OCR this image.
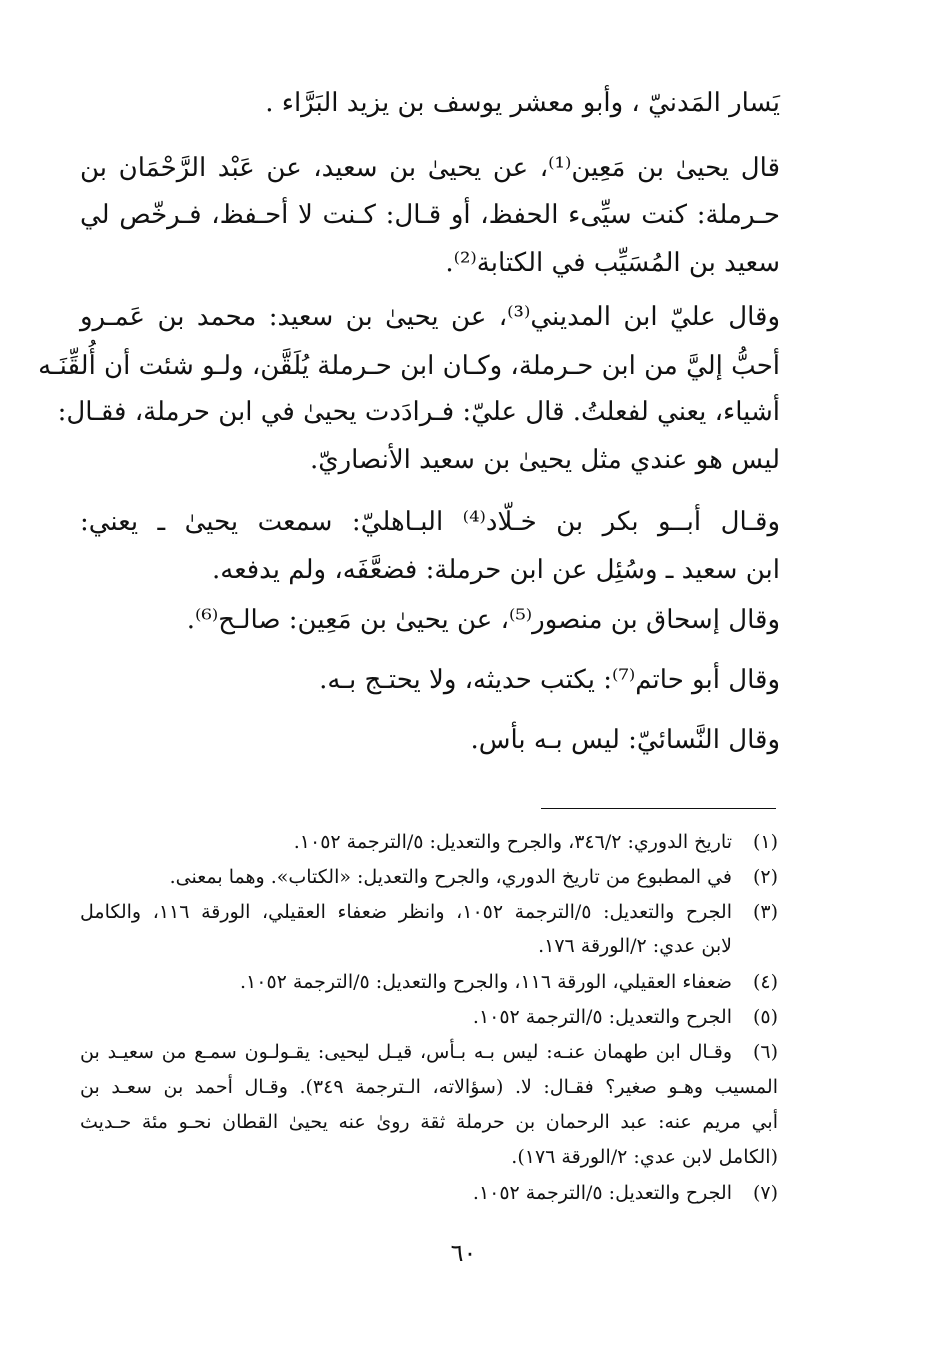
يَسار المَدنيّ ، وأبو معشر يوسف بن يزيد البَرَّاء .
قال يحيىٰ بن مَعِين⁽¹⁾، عن يحيىٰ بن سعيد، عن عَبْد الرَّحْمَان بن
حـرملة: كنت سيِّىء الحفظ، أو قـال: كـنت لا أحـفظ، فـرخّص لي
سعيد بن المُسَيِّب في الكتابة⁽²⁾.
وقال عليّ ابن المديني⁽³⁾، عن يحيىٰ بن سعيد: محمد بن عَمـرو
أحبُّ إليَّ من ابن حـرملة، وكـان ابن حـرملة يُلَقَّن، ولـو شئت أن أُلقِّنَـه
أشياء، يعني لفعلتُ. قال عليّ: فـرادَدت يحيىٰ في ابن حرملة، فقـال:
ليس هو عندي مثل يحيىٰ بن سعيد الأنصاريّ.
وقـال أبــو بكر بن خـلّاد⁽⁴⁾ البـاهليّ: سمعت يحيىٰ ـ يعني:
ابن سعيد ـ وسُئِل عن ابن حرملة: فضعَّفَه، ولم يدفعه.
وقال إسحاق بن منصور⁽⁵⁾، عن يحيىٰ بن مَعِين: صالـح⁽⁶⁾.
وقال أبو حاتم⁽⁷⁾: يكتب حديثه، ولا يحتـج بـه.
وقال النَّسائيّ: ليس بـه بأس.
(١)
تاريخ الدوري: ٣٤٦/٢، والجرح والتعديل: ٥/الترجمة ١٠٥٢.
(٢)
في المطبوع من تاريخ الدوري، والجرح والتعديل: «الكتاب». وهما بمعنى.
(٣)
الجرح والتعديل: ٥/الترجمة ١٠٥٢، وانظر ضعفاء العقيلي، الورقة ١١٦، والكامل
لابن عدي: ٢/الورقة ١٧٦.
(٤)
ضعفاء العقيلي، الورقة ١١٦، والجرح والتعديل: ٥/الترجمة ١٠٥٢.
(٥)
الجرح والتعديل: ٥/الترجمة ١٠٥٢.
(٦)
وقـال ابن طهمان عنـه: ليس بـه بـأس، قيـل ليحيى: يقـولـون سمـع من سعيـد بن
المسيب وهـو صغير؟ فقـال: لا. (سؤالاته، الـترجمة ٣٤٩). وقـال أحمد بن سعـد بن
أبي مريم عنه: عبد الرحمان بن حرملة ثقة روىٰ عنه يحيىٰ القطان نحـو مئة حـديث
(الكامل لابن عدي: ٢/الورقة ١٧٦).
(٧)
الجرح والتعديل: ٥/الترجمة ١٠٥٢.
٦٠
